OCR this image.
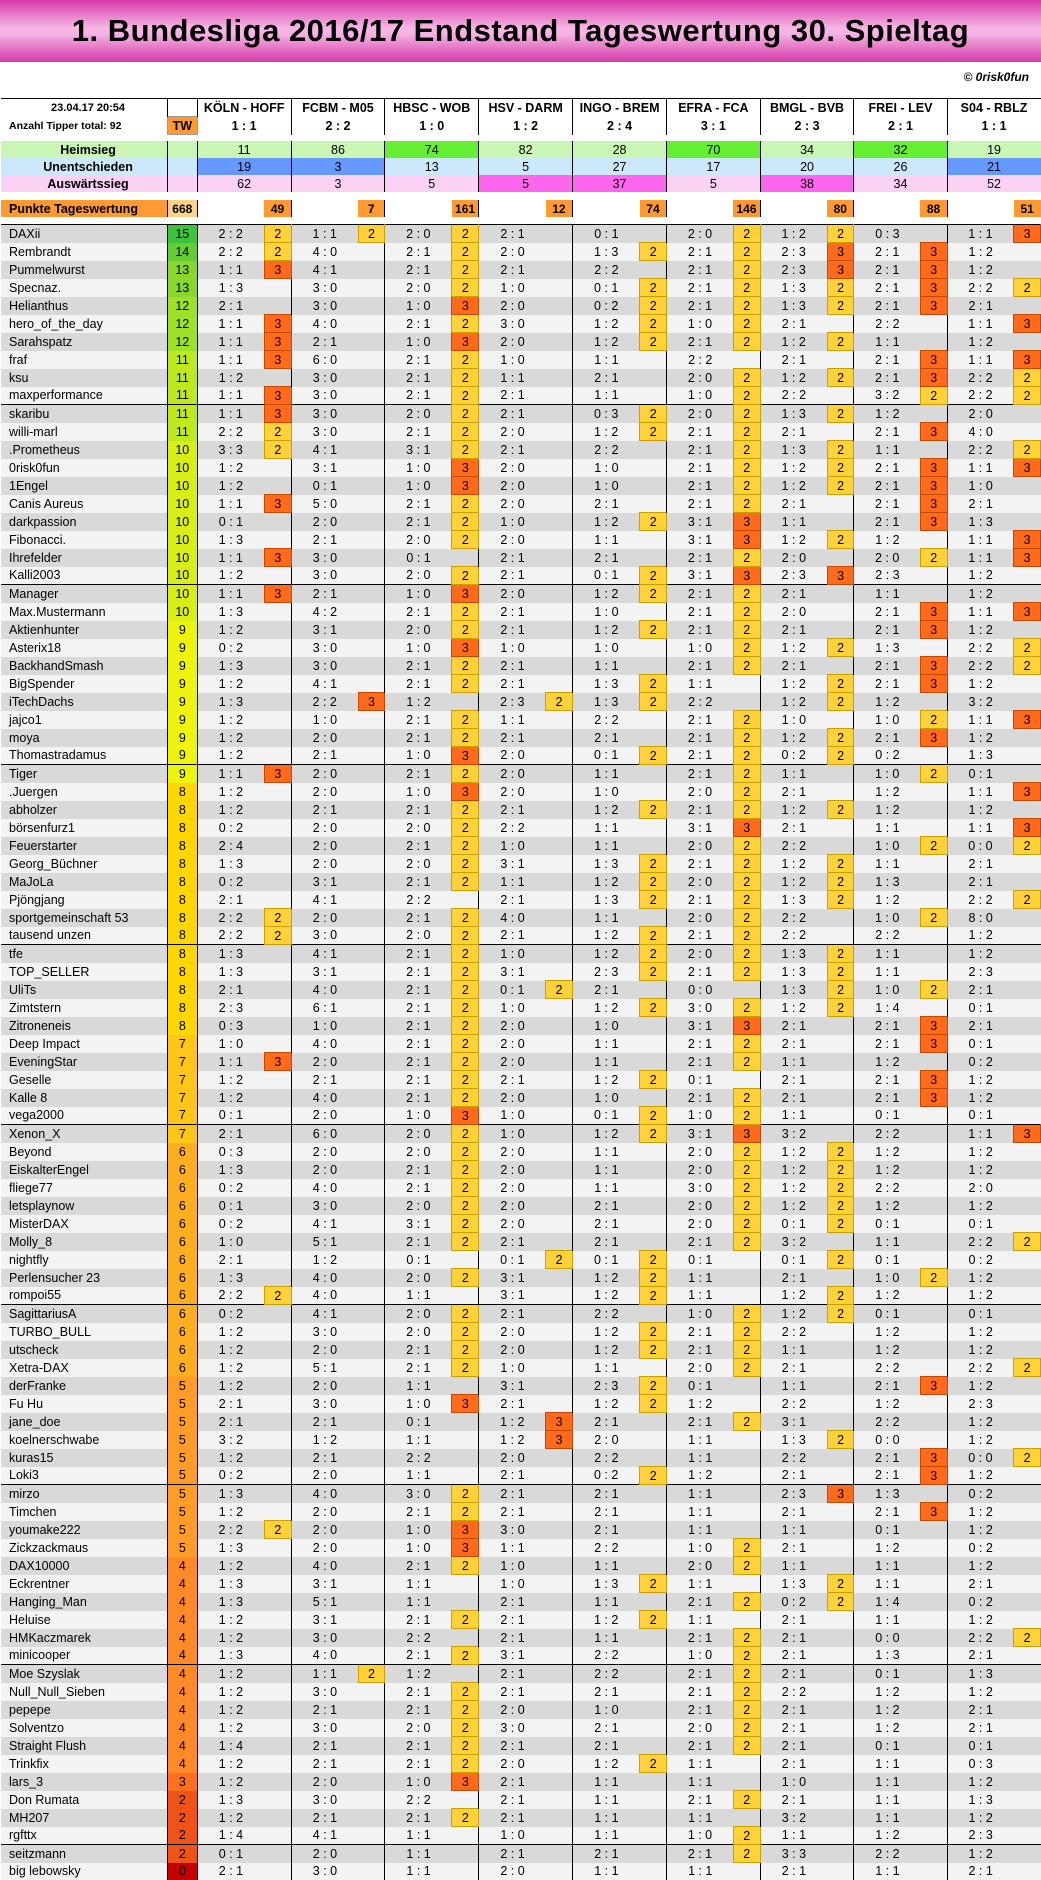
1. Bundesliga 2016/17 Endstand Tageswertung 30. Spieltag
© 0risk0fun
23.04.17 20:54		KÖLN - HOFF		FCBM - M05		HBSC - WOB		HSV - DARM		INGO - BREM		EFRA - FCA		BMGL - BVB		FREI - LEV		S04 - RBLZ	
Anzahl Tipper total: 92	TW	1 : 1		2 : 2		1 : 0		1 : 2		2 : 4		3 : 1		2 : 3		2 : 1		1 : 1	

Heimsieg		11		86		74		82		28		70		34		32		19	
Unentschieden		19		3		13		5		27		17		20		26		21	
Auswärtssieg		62		3		5		5		37		5		38		34		52	

Punkte Tageswertung	668		49		7		161		12		74		146		80		88		51

DAXii	15	2 : 2	2	1 : 1	2	2 : 0	2	2 : 1		0 : 1		2 : 0	2	1 : 2	2	0 : 3		1 : 1	3
Rembrandt	14	2 : 2	2	4 : 0		2 : 1	2	2 : 0		1 : 3	2	2 : 1	2	2 : 3	3	2 : 1	3	1 : 2	
Pummelwurst	13	1 : 1	3	4 : 1		2 : 1	2	2 : 1		2 : 2		2 : 1	2	2 : 3	3	2 : 1	3	1 : 2	
Specnaz.	13	1 : 3		3 : 0		2 : 0	2	1 : 0		0 : 1	2	2 : 1	2	1 : 3	2	2 : 1	3	2 : 2	2
Helianthus	12	2 : 1		3 : 0		1 : 0	3	2 : 0		0 : 2	2	2 : 1	2	1 : 3	2	2 : 1	3	2 : 1	
hero_of_the_day	12	1 : 1	3	4 : 0		2 : 1	2	3 : 0		1 : 2	2	1 : 0	2	2 : 1		2 : 2		1 : 1	3
Sarahspatz	12	1 : 1	3	2 : 1		1 : 0	3	2 : 0		1 : 2	2	2 : 1	2	1 : 2	2	1 : 1		1 : 2	
fraf	11	1 : 1	3	6 : 0		2 : 1	2	1 : 0		1 : 1		2 : 2		2 : 1		2 : 1	3	1 : 1	3
ksu	11	1 : 2		3 : 0		2 : 1	2	1 : 1		2 : 1		2 : 0	2	1 : 2	2	2 : 1	3	2 : 2	2
maxperformance	11	1 : 1	3	3 : 0		2 : 1	2	2 : 1		1 : 1		1 : 0	2	2 : 2		3 : 2	2	2 : 2	2
skaribu	11	1 : 1	3	3 : 0		2 : 0	2	2 : 1		0 : 3	2	2 : 0	2	1 : 3	2	1 : 2		2 : 0	
willi-marl	11	2 : 2	2	3 : 0		2 : 1	2	2 : 0		1 : 2	2	2 : 1	2	2 : 1		2 : 1	3	4 : 0	
.Prometheus	10	3 : 3	2	4 : 1		3 : 1	2	2 : 1		2 : 2		2 : 1	2	1 : 3	2	1 : 1		2 : 2	2
0risk0fun	10	1 : 2		3 : 1		1 : 0	3	2 : 0		1 : 0		2 : 1	2	1 : 2	2	2 : 1	3	1 : 1	3
1Engel	10	1 : 2		0 : 1		1 : 0	3	2 : 0		1 : 0		2 : 1	2	1 : 2	2	2 : 1	3	1 : 0	
Canis Aureus	10	1 : 1	3	5 : 0		2 : 1	2	2 : 0		2 : 1		2 : 1	2	2 : 1		2 : 1	3	2 : 1	
darkpassion	10	0 : 1		2 : 0		2 : 1	2	1 : 0		1 : 2	2	3 : 1	3	1 : 1		2 : 1	3	1 : 3	
Fibonacci.	10	1 : 3		2 : 1		2 : 0	2	2 : 0		1 : 1		3 : 1	3	1 : 2	2	1 : 2		1 : 1	3
Ihrefelder	10	1 : 1	3	3 : 0		0 : 1		2 : 1		2 : 1		2 : 1	2	2 : 0		2 : 0	2	1 : 1	3
Kalli2003	10	1 : 2		3 : 0		2 : 0	2	2 : 1		0 : 1	2	3 : 1	3	2 : 3	3	2 : 3		1 : 2	
Manager	10	1 : 1	3	2 : 1		1 : 0	3	2 : 0		1 : 2	2	2 : 1	2	2 : 1		1 : 1		1 : 2	
Max.Mustermann	10	1 : 3		4 : 2		2 : 1	2	2 : 1		1 : 0		2 : 1	2	2 : 0		2 : 1	3	1 : 1	3
Aktienhunter	9	1 : 2		3 : 1		2 : 0	2	2 : 1		1 : 2	2	2 : 1	2	2 : 1		2 : 1	3	1 : 2	
Asterix18	9	0 : 2		3 : 0		1 : 0	3	1 : 0		1 : 0		1 : 0	2	1 : 2	2	1 : 3		2 : 2	2
BackhandSmash	9	1 : 3		3 : 0		2 : 1	2	2 : 1		1 : 1		2 : 1	2	2 : 1		2 : 1	3	2 : 2	2
BigSpender	9	1 : 2		4 : 1		2 : 1	2	2 : 1		1 : 3	2	1 : 1		1 : 2	2	2 : 1	3	1 : 2	
iTechDachs	9	1 : 3		2 : 2	3	1 : 2		2 : 3	2	1 : 3	2	2 : 2		1 : 2	2	1 : 2		3 : 2	
jajco1	9	1 : 2		1 : 0		2 : 1	2	1 : 1		2 : 2		2 : 1	2	1 : 0		1 : 0	2	1 : 1	3
moya	9	1 : 2		2 : 0		2 : 1	2	2 : 1		2 : 1		2 : 1	2	1 : 2	2	2 : 1	3	1 : 2	
Thomastradamus	9	1 : 2		2 : 1		1 : 0	3	2 : 0		0 : 1	2	2 : 1	2	0 : 2	2	0 : 2		1 : 3	
Tiger	9	1 : 1	3	2 : 0		2 : 1	2	2 : 0		1 : 1		2 : 1	2	1 : 1		1 : 0	2	0 : 1	
.Juergen	8	1 : 2		2 : 0		1 : 0	3	2 : 0		1 : 0		2 : 0	2	2 : 1		1 : 2		1 : 1	3
abholzer	8	1 : 2		2 : 1		2 : 1	2	2 : 1		1 : 2	2	2 : 1	2	1 : 2	2	1 : 2		1 : 2	
börsenfurz1	8	0 : 2		2 : 0		2 : 0	2	2 : 2		1 : 1		3 : 1	3	2 : 1		1 : 1		1 : 1	3
Feuerstarter	8	2 : 4		2 : 0		2 : 1	2	1 : 0		1 : 1		2 : 0	2	2 : 2		1 : 0	2	0 : 0	2
Georg_Büchner	8	1 : 3		2 : 0		2 : 0	2	3 : 1		1 : 3	2	2 : 1	2	1 : 2	2	1 : 1		2 : 1	
MaJoLa	8	0 : 2		3 : 1		2 : 1	2	1 : 1		1 : 2	2	2 : 0	2	1 : 2	2	1 : 3		2 : 1	
Pjöngjang	8	2 : 1		4 : 1		2 : 2		2 : 1		1 : 3	2	2 : 1	2	1 : 3	2	1 : 2		2 : 2	2
sportgemeinschaft 53	8	2 : 2	2	2 : 0		2 : 1	2	4 : 0		1 : 1		2 : 0	2	2 : 2		1 : 0	2	8 : 0	
tausend unzen	8	2 : 2	2	3 : 0		2 : 0	2	2 : 1		1 : 2	2	2 : 1	2	2 : 2		2 : 2		1 : 2	
tfe	8	1 : 3		4 : 1		2 : 1	2	1 : 0		1 : 2	2	2 : 0	2	1 : 3	2	1 : 1		1 : 2	
TOP_SELLER	8	1 : 3		3 : 1		2 : 1	2	3 : 1		2 : 3	2	2 : 1	2	1 : 3	2	1 : 1		2 : 3	
UliTs	8	2 : 1		4 : 0		2 : 1	2	0 : 1	2	2 : 1		0 : 0		1 : 3	2	1 : 0	2	2 : 1	
Zimtstern	8	2 : 3		6 : 1		2 : 1	2	1 : 0		1 : 2	2	3 : 0	2	1 : 2	2	1 : 4		0 : 1	
Zitroneneis	8	0 : 3		1 : 0		2 : 1	2	2 : 0		1 : 0		3 : 1	3	2 : 1		2 : 1	3	2 : 1	
Deep Impact	7	1 : 0		4 : 0		2 : 1	2	2 : 0		1 : 1		2 : 1	2	2 : 1		2 : 1	3	0 : 1	
EveningStar	7	1 : 1	3	2 : 0		2 : 1	2	2 : 0		1 : 1		2 : 1	2	1 : 1		1 : 2		0 : 2	
Geselle	7	1 : 2		2 : 1		2 : 1	2	2 : 1		1 : 2	2	0 : 1		2 : 1		2 : 1	3	1 : 2	
Kalle 8	7	1 : 2		4 : 0		2 : 1	2	2 : 0		1 : 0		2 : 1	2	2 : 1		2 : 1	3	1 : 2	
vega2000	7	0 : 1		2 : 0		1 : 0	3	1 : 0		0 : 1	2	1 : 0	2	1 : 1		0 : 1		0 : 1	
Xenon_X	7	2 : 1		6 : 0		2 : 0	2	1 : 0		1 : 2	2	3 : 1	3	3 : 2		2 : 2		1 : 1	3
Beyond	6	0 : 3		2 : 0		2 : 0	2	2 : 0		1 : 1		2 : 0	2	1 : 2	2	1 : 2		1 : 2	
EiskalterEngel	6	1 : 3		2 : 0		2 : 1	2	2 : 0		1 : 1		2 : 0	2	1 : 2	2	1 : 2		1 : 2	
fliege77	6	0 : 2		4 : 0		2 : 1	2	2 : 0		1 : 1		3 : 0	2	1 : 2	2	2 : 2		2 : 0	
letsplaynow	6	0 : 1		3 : 0		2 : 0	2	2 : 0		2 : 1		2 : 0	2	1 : 2	2	1 : 2		1 : 2	
MisterDAX	6	0 : 2		4 : 1		3 : 1	2	2 : 0		2 : 1		2 : 0	2	0 : 1	2	0 : 1		0 : 1	
Molly_8	6	1 : 0		5 : 1		2 : 1	2	2 : 1		2 : 1		2 : 1	2	3 : 2		1 : 1		2 : 2	2
nightfly	6	2 : 1		1 : 2		0 : 1		0 : 1	2	0 : 1	2	0 : 1		0 : 1	2	0 : 1		0 : 2	
Perlensucher 23	6	1 : 3		4 : 0		2 : 0	2	3 : 1		1 : 2	2	1 : 1		2 : 1		1 : 0	2	1 : 2	
rompoi55	6	2 : 2	2	4 : 0		1 : 1		3 : 1		1 : 2	2	1 : 1		1 : 2	2	1 : 2		1 : 2	
SagittariusA	6	0 : 2		4 : 1		2 : 0	2	2 : 1		2 : 2		1 : 0	2	1 : 2	2	0 : 1		0 : 1	
TURBO_BULL	6	1 : 2		3 : 0		2 : 0	2	2 : 0		1 : 2	2	2 : 1	2	2 : 2		1 : 2		1 : 2	
utscheck	6	1 : 2		2 : 0		2 : 1	2	2 : 0		1 : 2	2	2 : 1	2	1 : 1		1 : 2		1 : 2	
Xetra-DAX	6	1 : 2		5 : 1		2 : 1	2	1 : 0		1 : 1		2 : 0	2	2 : 1		2 : 2		2 : 2	2
derFranke	5	1 : 2		2 : 0		1 : 1		3 : 1		2 : 3	2	0 : 1		1 : 1		2 : 1	3	1 : 2	
Fu Hu	5	2 : 1		3 : 0		1 : 0	3	2 : 1		1 : 2	2	1 : 2		2 : 2		1 : 2		2 : 3	
jane_doe	5	2 : 1		2 : 1		0 : 1		1 : 2	3	2 : 1		2 : 1	2	3 : 1		2 : 2		1 : 2	
koelnerschwabe	5	3 : 2		1 : 2		1 : 1		1 : 2	3	2 : 0		1 : 1		1 : 3	2	0 : 0		1 : 2	
kuras15	5	1 : 2		2 : 1		2 : 2		2 : 0		2 : 2		1 : 1		2 : 2		2 : 1	3	0 : 0	2
Loki3	5	0 : 2		2 : 0		1 : 1		2 : 1		0 : 2	2	1 : 2		2 : 1		2 : 1	3	1 : 2	
mirzo	5	1 : 3		4 : 0		3 : 0	2	2 : 1		2 : 1		1 : 1		2 : 3	3	1 : 3		0 : 2	
Timchen	5	1 : 2		2 : 0		2 : 1	2	2 : 1		2 : 1		1 : 1		2 : 1		2 : 1	3	1 : 2	
youmake222	5	2 : 2	2	2 : 0		1 : 0	3	3 : 0		2 : 1		1 : 1		1 : 1		0 : 1		1 : 2	
Zickzackmaus	5	1 : 3		2 : 0		1 : 0	3	1 : 1		2 : 2		1 : 0	2	2 : 1		1 : 2		0 : 2	
DAX10000	4	1 : 2		4 : 0		2 : 1	2	1 : 0		1 : 1		2 : 0	2	1 : 1		1 : 1		1 : 2	
Eckrentner	4	1 : 3		3 : 1		1 : 1		1 : 0		1 : 3	2	1 : 1		1 : 3	2	1 : 1		2 : 1	
Hanging_Man	4	1 : 3		5 : 1		1 : 1		2 : 1		1 : 1		2 : 1	2	0 : 2	2	1 : 4		0 : 2	
Heluise	4	1 : 2		3 : 1		2 : 1	2	2 : 1		1 : 2	2	1 : 1		2 : 1		1 : 1		1 : 2	
HMKaczmarek	4	1 : 2		3 : 0		2 : 2		2 : 1		1 : 1		2 : 1	2	2 : 1		0 : 0		2 : 2	2
minicooper	4	1 : 3		4 : 0		2 : 1	2	3 : 1		2 : 2		1 : 0	2	2 : 1		1 : 3		2 : 1	
Moe Szyslak	4	1 : 2		1 : 1	2	1 : 2		2 : 1		2 : 2		2 : 1	2	2 : 1		0 : 1		1 : 3	
Null_Null_Sieben	4	1 : 2		3 : 0		2 : 1	2	2 : 1		2 : 1		2 : 1	2	2 : 2		1 : 2		1 : 2	
pepepe	4	1 : 2		2 : 1		2 : 1	2	2 : 0		1 : 0		2 : 1	2	2 : 1		1 : 2		2 : 1	
Solventzo	4	1 : 2		3 : 0		2 : 0	2	3 : 0		2 : 1		2 : 0	2	2 : 1		1 : 2		2 : 1	
Straight Flush	4	1 : 4		2 : 1		2 : 1	2	2 : 1		2 : 1		2 : 1	2	2 : 1		0 : 1		0 : 1	
Trinkfix	4	1 : 2		2 : 1		2 : 1	2	2 : 0		1 : 2	2	1 : 1		2 : 1		1 : 1		0 : 3	
lars_3	3	1 : 2		2 : 0		1 : 0	3	2 : 1		1 : 1		1 : 1		1 : 0		1 : 1		1 : 2	
Don Rumata	2	1 : 3		3 : 0		2 : 2		2 : 1		1 : 1		2 : 1	2	2 : 1		1 : 1		1 : 3	
MH207	2	1 : 2		2 : 1		2 : 1	2	2 : 1		1 : 1		1 : 1		3 : 2		1 : 1		1 : 2	
rgfttx	2	1 : 4		4 : 1		1 : 1		1 : 0		1 : 1		1 : 0	2	1 : 1		1 : 2		2 : 3	
seitzmann	2	0 : 1		2 : 0		1 : 1		2 : 1		2 : 1		2 : 1	2	3 : 3		2 : 2		1 : 2	
big lebowsky	0	2 : 1		3 : 0		1 : 1		2 : 0		1 : 1		1 : 1		2 : 1		1 : 1		2 : 1	
